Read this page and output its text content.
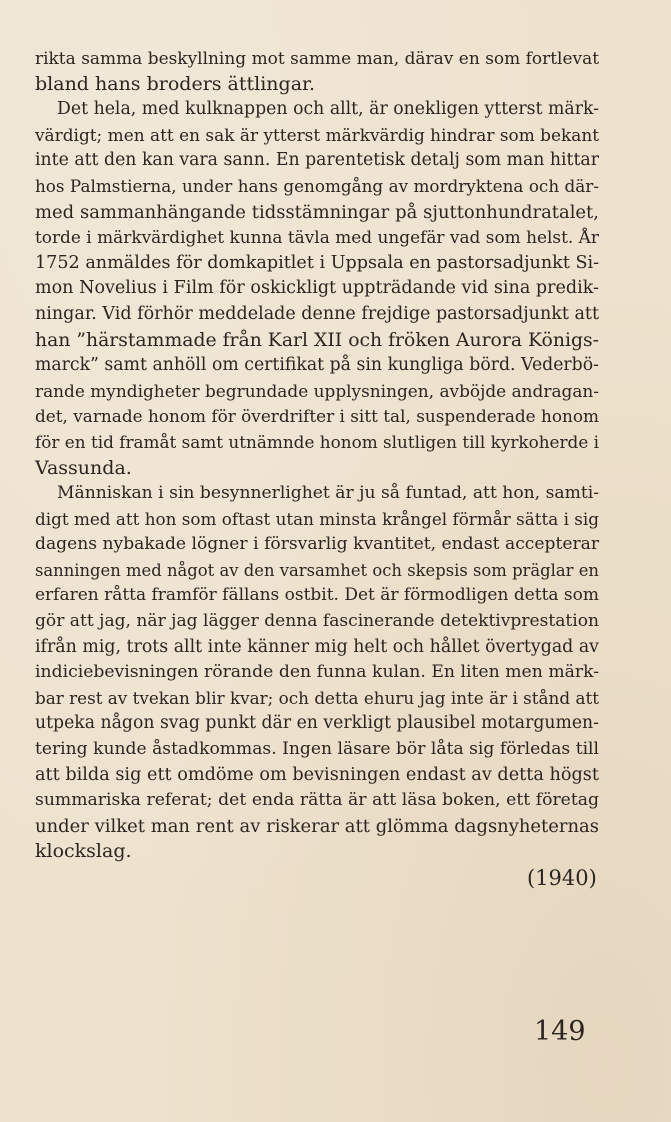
rikta samma beskyllning mot samme man, därav en som fortlevat
bland hans broders ättlingar.
Det hela, med kulknappen och allt, är onekligen ytterst märk-
värdigt; men att en sak är ytterst märkvärdig hindrar som bekant
inte att den kan vara sann. En parentetisk detalj som man hittar
hos Palmstierna, under hans genomgång av mordryktena och där-
med sammanhängande tidsstämningar på sjuttonhundratalet,
torde i märkvärdighet kunna tävla med ungefär vad som helst. År
1752 anmäldes för domkapitlet i Uppsala en pastorsadjunkt Si-
mon Novelius i Film för oskickligt uppträdande vid sina predik-
ningar. Vid förhör meddelade denne frejdige pastorsadjunkt att
han ”härstammade från Karl XII och fröken Aurora Königs-
marck” samt anhöll om certifikat på sin kungliga börd. Vederbö-
rande myndigheter begrundade upplysningen, avböjde andragan-
det, varnade honom för överdrifter i sitt tal, suspenderade honom
för en tid framåt samt utnämnde honom slutligen till kyrkoherde i
Vassunda.
Människan i sin besynnerlighet är ju så funtad, att hon, samti-
digt med att hon som oftast utan minsta krångel förmår sätta i sig
dagens nybakade lögner i försvarlig kvantitet, endast accepterar
sanningen med något av den varsamhet och skepsis som präglar en
erfaren råtta framför fällans ostbit. Det är förmodligen detta som
gör att jag, när jag lägger denna fascinerande detektivprestation
ifrån mig, trots allt inte känner mig helt och hållet övertygad av
indiciebevisningen rörande den funna kulan. En liten men märk-
bar rest av tvekan blir kvar; och detta ehuru jag inte är i stånd att
utpeka någon svag punkt där en verkligt plausibel motargumen-
tering kunde åstadkommas. Ingen läsare bör låta sig förledas till
att bilda sig ett omdöme om bevisningen endast av detta högst
summariska referat; det enda rätta är att läsa boken, ett företag
under vilket man rent av riskerar att glömma dagsnyheternas
klockslag.
(1940)
149
